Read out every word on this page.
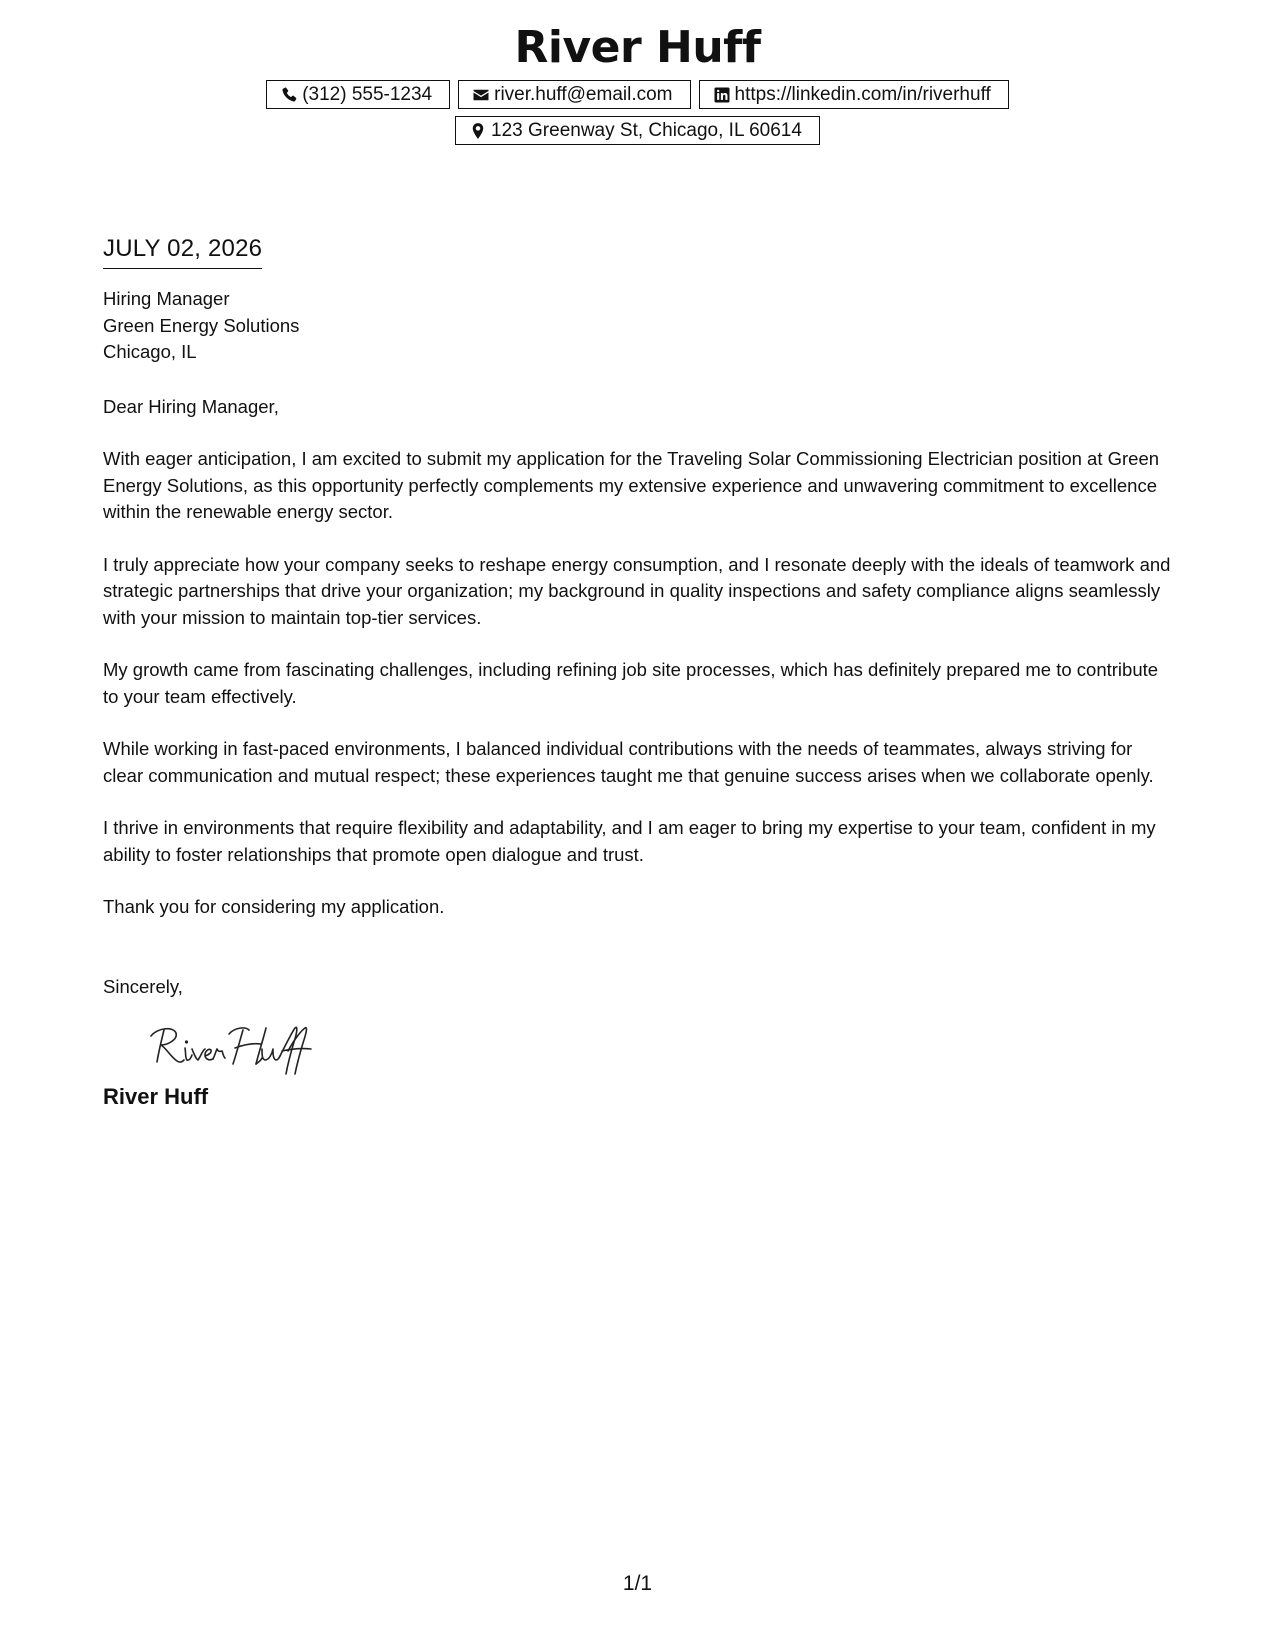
River Huff
(312) 555-1234	river.huff@email.com	https://linkedin.com/in/riverhuff
123 Greenway St, Chicago, IL 60614
JULY 02, 2026
Hiring Manager
Green Energy Solutions
Chicago, IL
Dear Hiring Manager,

With eager anticipation, I am excited to submit my application for the Traveling Solar Commissioning Electrician position at Green Energy Solutions, as this opportunity perfectly complements my extensive experience and unwavering commitment to excellence within the renewable energy sector.

I truly appreciate how your company seeks to reshape energy consumption, and I resonate deeply with the ideals of teamwork and strategic partnerships that drive your organization; my background in quality inspections and safety compliance aligns seamlessly with your mission to maintain top-tier services.

My growth came from fascinating challenges, including refining job site processes, which has definitely prepared me to contribute to your team effectively.

While working in fast-paced environments, I balanced individual contributions with the needs of teammates, always striving for clear communication and mutual respect; these experiences taught me that genuine success arises when we collaborate openly.

I thrive in environments that require flexibility and adaptability, and I am eager to bring my expertise to your team, confident in my ability to foster relationships that promote open dialogue and trust.

Thank you for considering my application.

Sincerely,
River Huff
1/1
